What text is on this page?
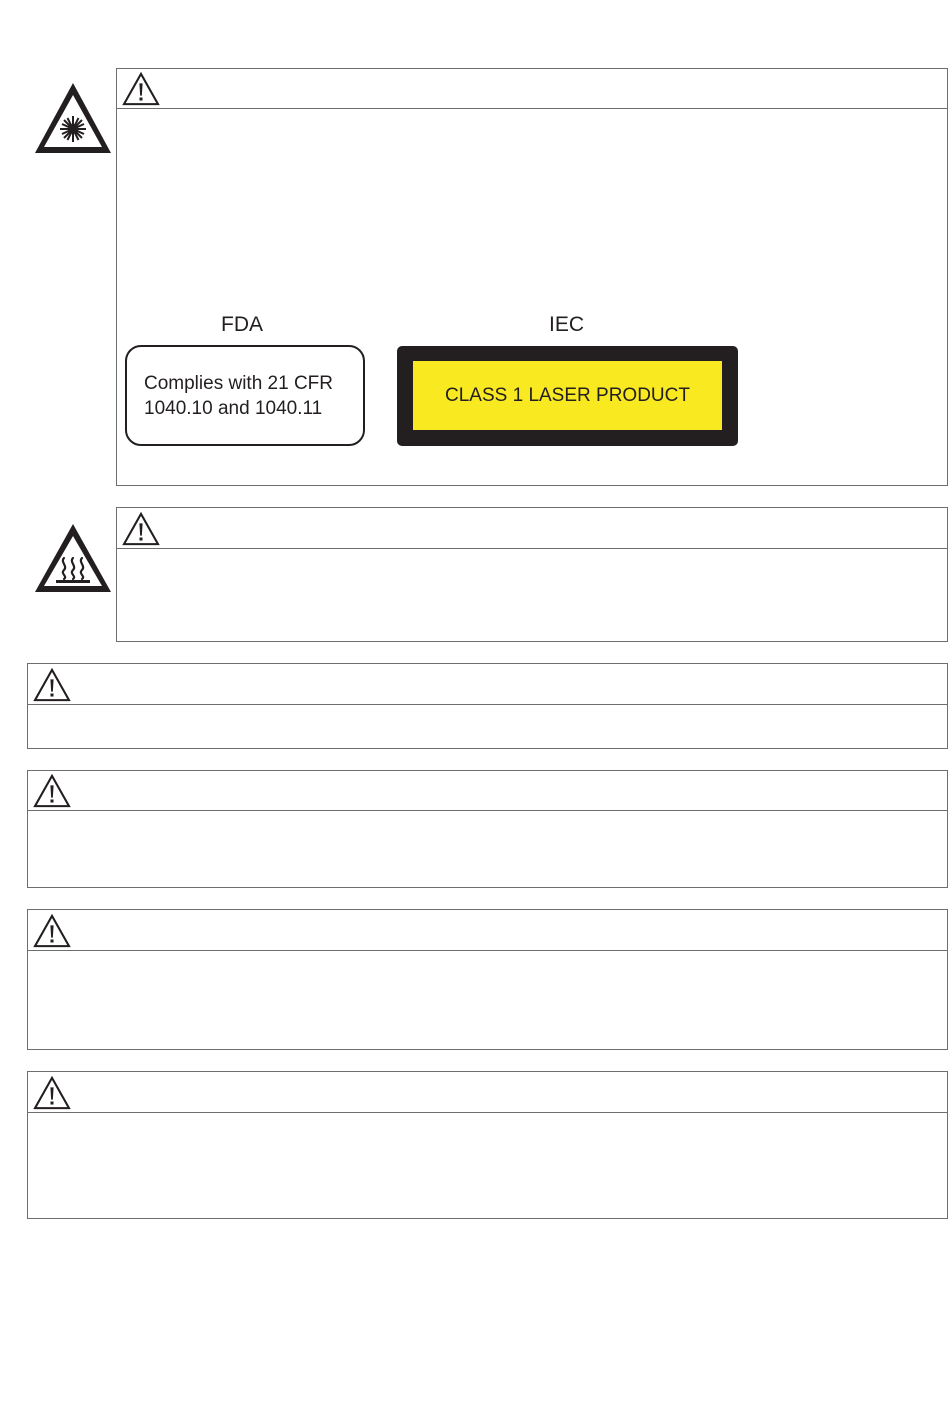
FDA	IEC
Complies with 21 CFR
1040.10 and 1040.11
CLASS 1 LASER PRODUCT
